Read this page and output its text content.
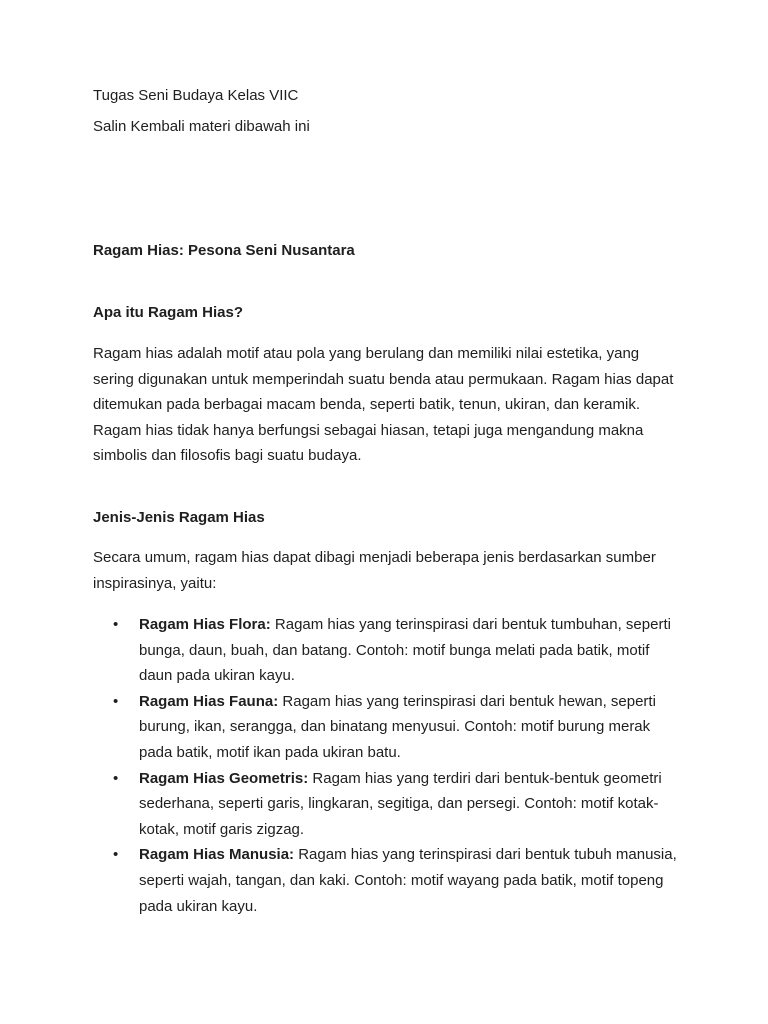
Tugas Seni Budaya Kelas VIIC

Salin Kembali materi dibawah ini

Ragam Hias: Pesona Seni Nusantara

Apa itu Ragam Hias?

Ragam hias adalah motif atau pola yang berulang dan memiliki nilai estetika, yang sering digunakan untuk memperindah suatu benda atau permukaan. Ragam hias dapat ditemukan pada berbagai macam benda, seperti batik, tenun, ukiran, dan keramik. Ragam hias tidak hanya berfungsi sebagai hiasan, tetapi juga mengandung makna simbolis dan filosofis bagi suatu budaya.

Jenis-Jenis Ragam Hias

Secara umum, ragam hias dapat dibagi menjadi beberapa jenis berdasarkan sumber inspirasinya, yaitu:

• Ragam Hias Flora: Ragam hias yang terinspirasi dari bentuk tumbuhan, seperti bunga, daun, buah, dan batang. Contoh: motif bunga melati pada batik, motif daun pada ukiran kayu.
• Ragam Hias Fauna: Ragam hias yang terinspirasi dari bentuk hewan, seperti burung, ikan, serangga, dan binatang menyusui. Contoh: motif burung merak pada batik, motif ikan pada ukiran batu.
• Ragam Hias Geometris: Ragam hias yang terdiri dari bentuk-bentuk geometri sederhana, seperti garis, lingkaran, segitiga, dan persegi. Contoh: motif kotak-kotak, motif garis zigzag.
• Ragam Hias Manusia: Ragam hias yang terinspirasi dari bentuk tubuh manusia, seperti wajah, tangan, dan kaki. Contoh: motif wayang pada batik, motif topeng pada ukiran kayu.
